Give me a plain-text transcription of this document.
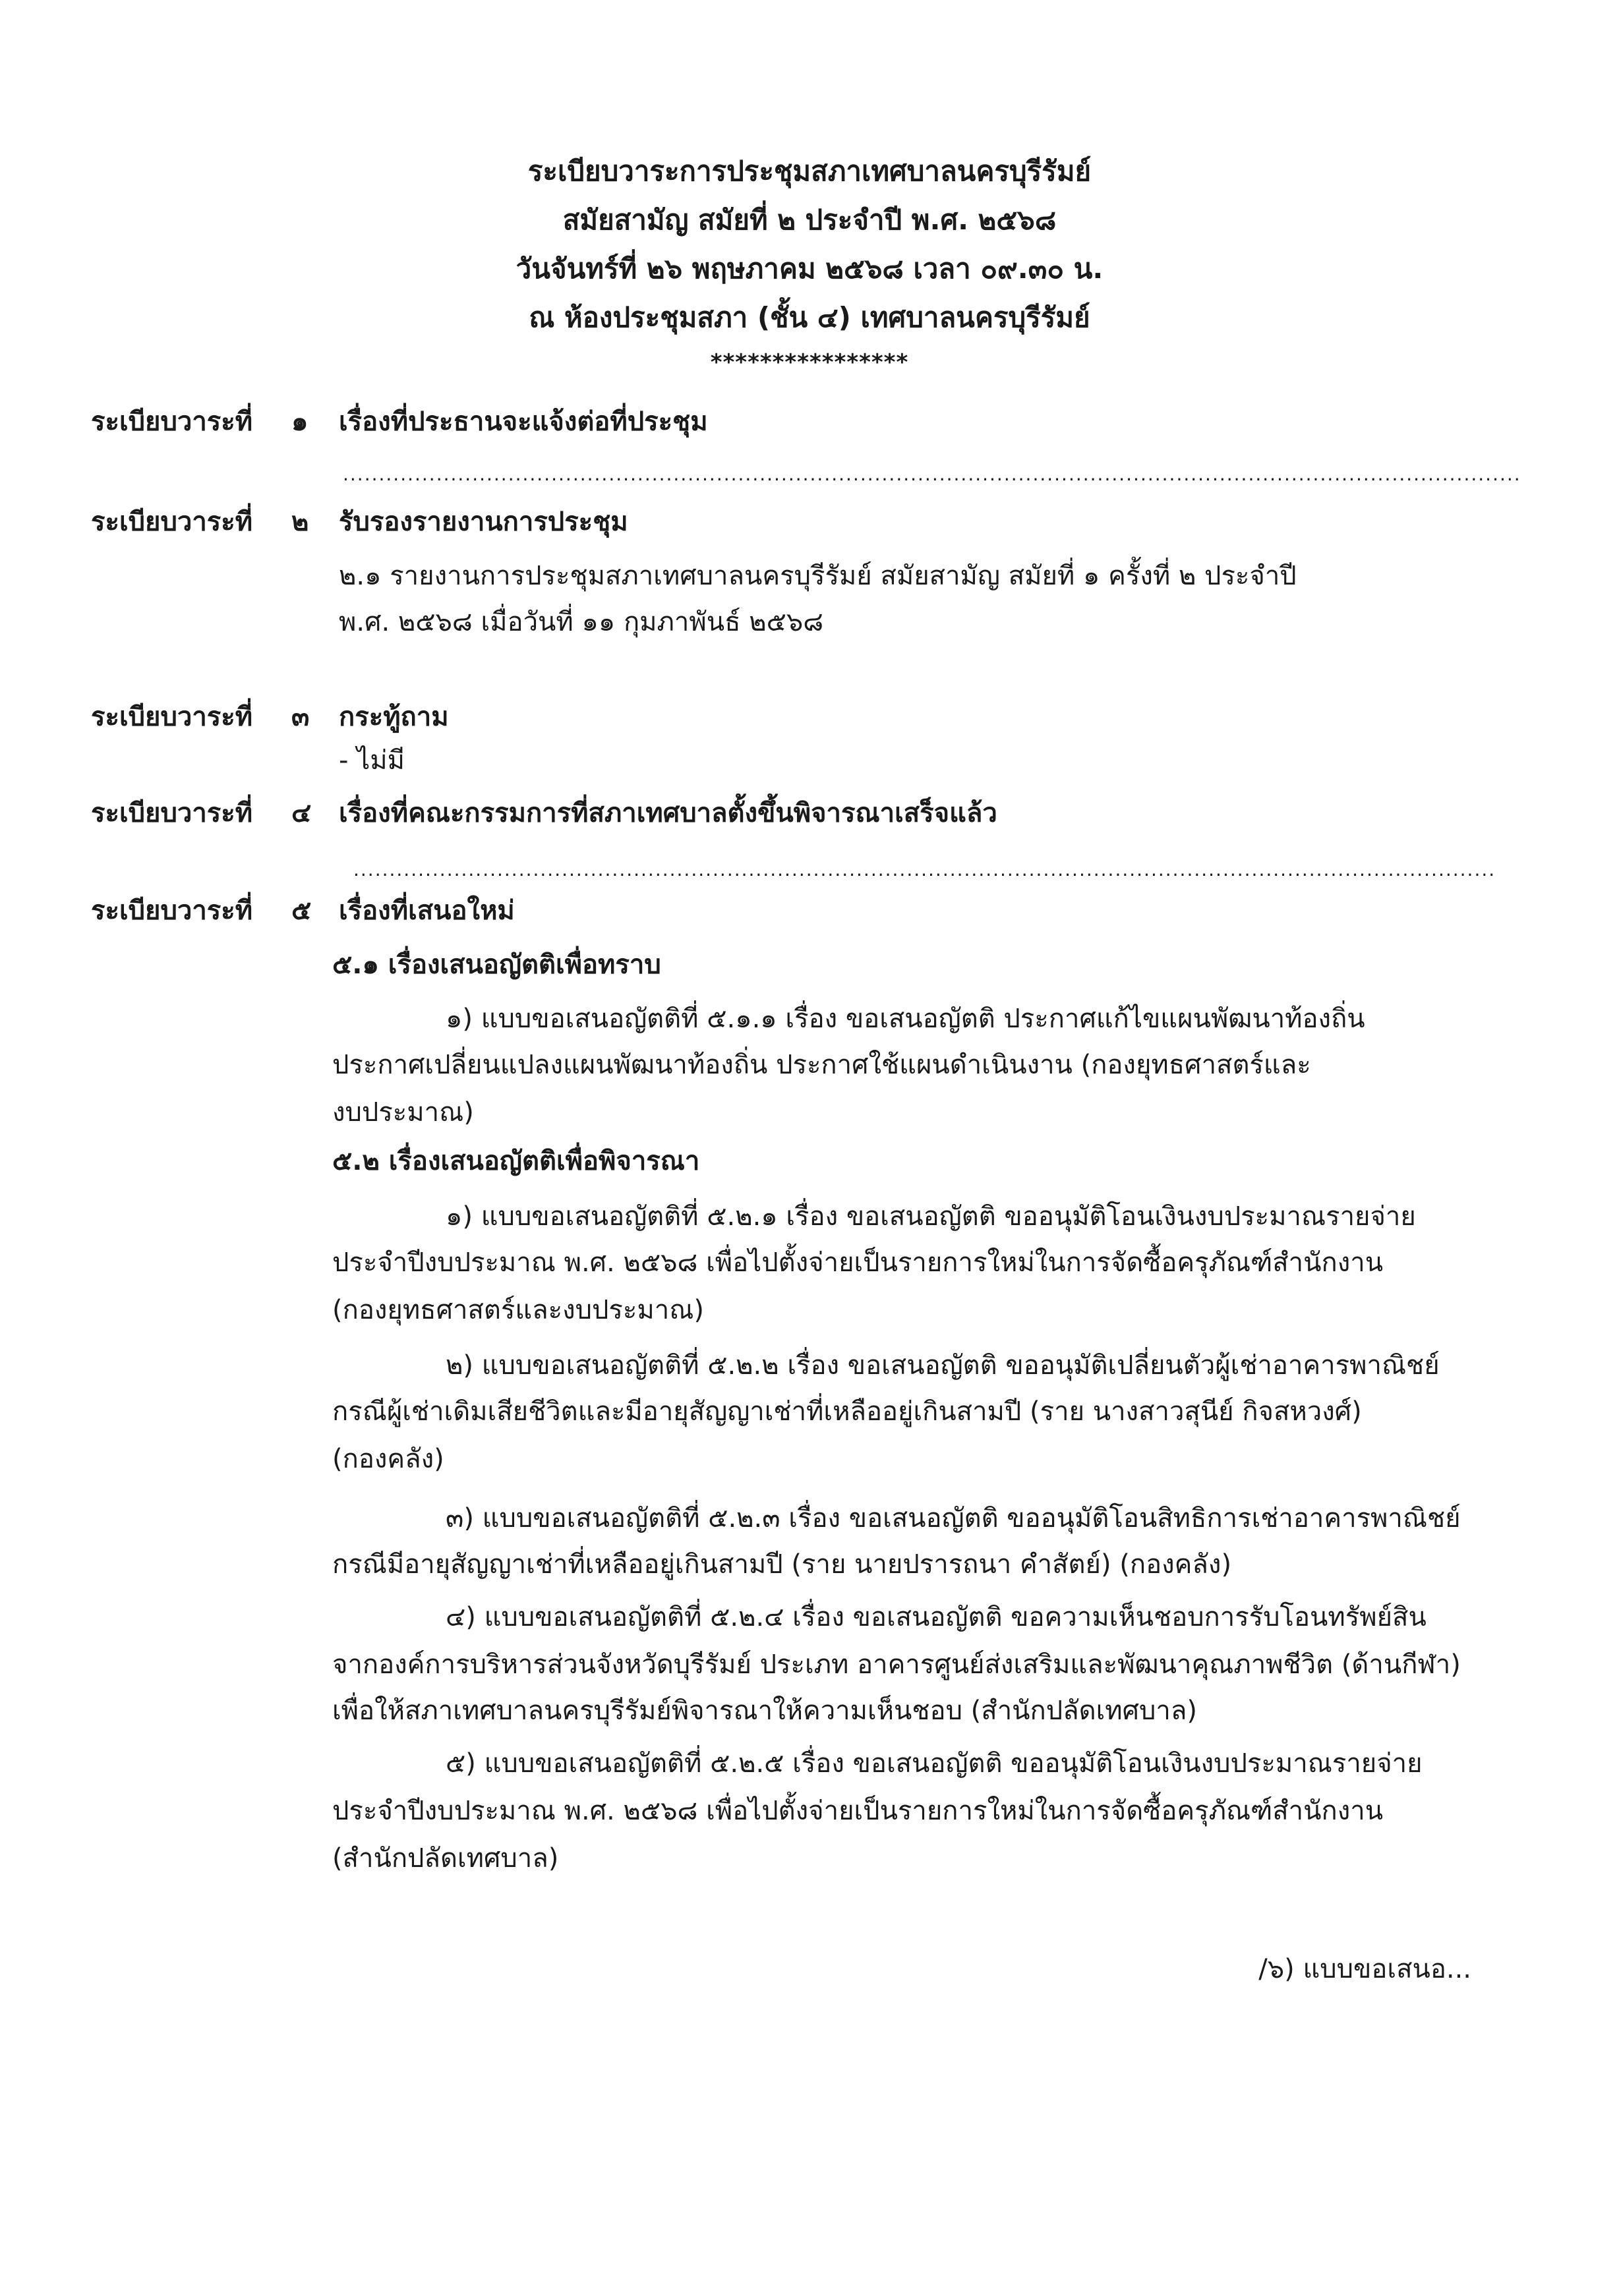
ระเบียบวาระการประชุมสภาเทศบาลนครบุรีรัมย์
สมัยสามัญ สมัยที่ ๒ ประจำปี พ.ศ. ๒๕๖๘
วันจันทร์ที่ ๒๖ พฤษภาคม ๒๕๖๘ เวลา ๐๙.๓๐ น.
ณ ห้องประชุมสภา (ชั้น ๔) เทศบาลนครบุรีรัมย์
****************
ระเบียบวาระที่ ๑ เรื่องที่ประธานจะแจ้งต่อที่ประชุม
....................................................................................................................................................................
ระเบียบวาระที่ ๒ รับรองรายงานการประชุม
๒.๑ รายงานการประชุมสภาเทศบาลนครบุรีรัมย์ สมัยสามัญ สมัยที่ ๑ ครั้งที่ ๒ ประจำปี
พ.ศ. ๒๕๖๘ เมื่อวันที่ ๑๑ กุมภาพันธ์ ๒๕๖๘
ระเบียบวาระที่ ๓ กระทู้ถาม
- ไม่มี
ระเบียบวาระที่ ๔ เรื่องที่คณะกรรมการที่สภาเทศบาลตั้งขึ้นพิจารณาเสร็จแล้ว
...............................................................................................................................................................
ระเบียบวาระที่ ๕ เรื่องที่เสนอใหม่
๕.๑ เรื่องเสนอญัตติเพื่อทราบ
๑) แบบขอเสนอญัตติที่ ๕.๑.๑ เรื่อง ขอเสนอญัตติ ประกาศแก้ไขแผนพัฒนาท้องถิ่น
ประกาศเปลี่ยนแปลงแผนพัฒนาท้องถิ่น ประกาศใช้แผนดำเนินงาน (กองยุทธศาสตร์และ
งบประมาณ)
๕.๒ เรื่องเสนอญัตติเพื่อพิจารณา
๑) แบบขอเสนอญัตติที่ ๕.๒.๑ เรื่อง ขอเสนอญัตติ ขออนุมัติโอนเงินงบประมาณรายจ่าย
ประจำปีงบประมาณ พ.ศ. ๒๕๖๘ เพื่อไปตั้งจ่ายเป็นรายการใหม่ในการจัดซื้อครุภัณฑ์สำนักงาน
(กองยุทธศาสตร์และงบประมาณ)
๒) แบบขอเสนอญัตติที่ ๕.๒.๒ เรื่อง ขอเสนอญัตติ ขออนุมัติเปลี่ยนตัวผู้เช่าอาคารพาณิชย์
กรณีผู้เช่าเดิมเสียชีวิตและมีอายุสัญญาเช่าที่เหลืออยู่เกินสามปี (ราย นางสาวสุนีย์ กิจสหวงศ์)
(กองคลัง)
๓) แบบขอเสนอญัตติที่ ๕.๒.๓ เรื่อง ขอเสนอญัตติ ขออนุมัติโอนสิทธิการเช่าอาคารพาณิชย์
กรณีมีอายุสัญญาเช่าที่เหลืออยู่เกินสามปี (ราย นายปรารถนา คำสัตย์) (กองคลัง)
๔) แบบขอเสนอญัตติที่ ๕.๒.๔ เรื่อง ขอเสนอญัตติ ขอความเห็นชอบการรับโอนทรัพย์สิน
จากองค์การบริหารส่วนจังหวัดบุรีรัมย์ ประเภท อาคารศูนย์ส่งเสริมและพัฒนาคุณภาพชีวิต (ด้านกีฬา)
เพื่อให้สภาเทศบาลนครบุรีรัมย์พิจารณาให้ความเห็นชอบ (สำนักปลัดเทศบาล)
๕) แบบขอเสนอญัตติที่ ๕.๒.๕ เรื่อง ขอเสนอญัตติ ขออนุมัติโอนเงินงบประมาณรายจ่าย
ประจำปีงบประมาณ พ.ศ. ๒๕๖๘ เพื่อไปตั้งจ่ายเป็นรายการใหม่ในการจัดซื้อครุภัณฑ์สำนักงาน
(สำนักปลัดเทศบาล)
/๖) แบบขอเสนอ...
